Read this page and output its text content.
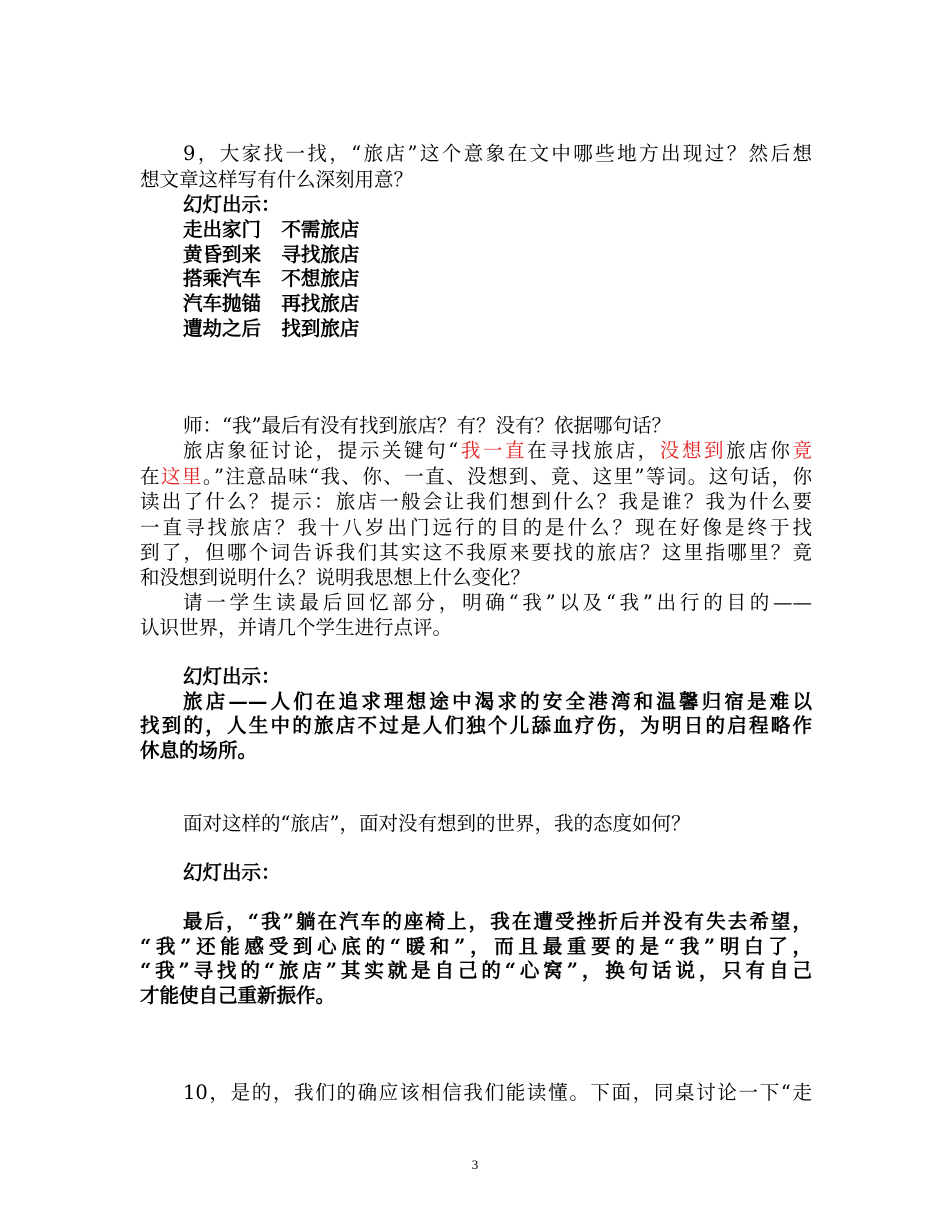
9，大家找一找，“旅店”这个意象在文中哪些地方出现过？然后想
想文章这样写有什么深刻用意？
幻灯出示：
走出家门   不需旅店
黄昏到来   寻找旅店
搭乘汽车   不想旅店
汽车抛锚   再找旅店
遭劫之后   找到旅店
师：“我”最后有没有找到旅店？有？没有？依据哪句话？
旅店象征讨论，提示关键句“我一直在寻找旅店，没想到旅店你竟
在这里。”注意品味“我、你、一直、没想到、竟、这里”等词。这句话，你
读出了什么？提示：旅店一般会让我们想到什么？我是谁？我为什么要
一直寻找旅店？我十八岁出门远行的目的是什么？现在好像是终于找
到了，但哪个词告诉我们其实这不我原来要找的旅店？这里指哪里？竟
和没想到说明什么？说明我思想上什么变化？
请一学生读最后回忆部分，明确“我”以及“我”出行的目的——
认识世界，并请几个学生进行点评。
幻灯出示：
旅店——人们在追求理想途中渴求的安全港湾和温馨归宿是难以
找到的，人生中的旅店不过是人们独个儿舔血疗伤，为明日的启程略作
休息的场所。
面对这样的“旅店”，面对没有想到的世界，我的态度如何？
幻灯出示：
最后，“我”躺在汽车的座椅上，我在遭受挫折后并没有失去希望，
“我”还能感受到心底的“暖和”，而且最重要的是“我”明白了，
“我”寻找的“旅店”其实就是自己的“心窝”，换句话说，只有自己
才能使自己重新振作。
10，是的，我们的确应该相信我们能读懂。下面，同桌讨论一下“走
3
